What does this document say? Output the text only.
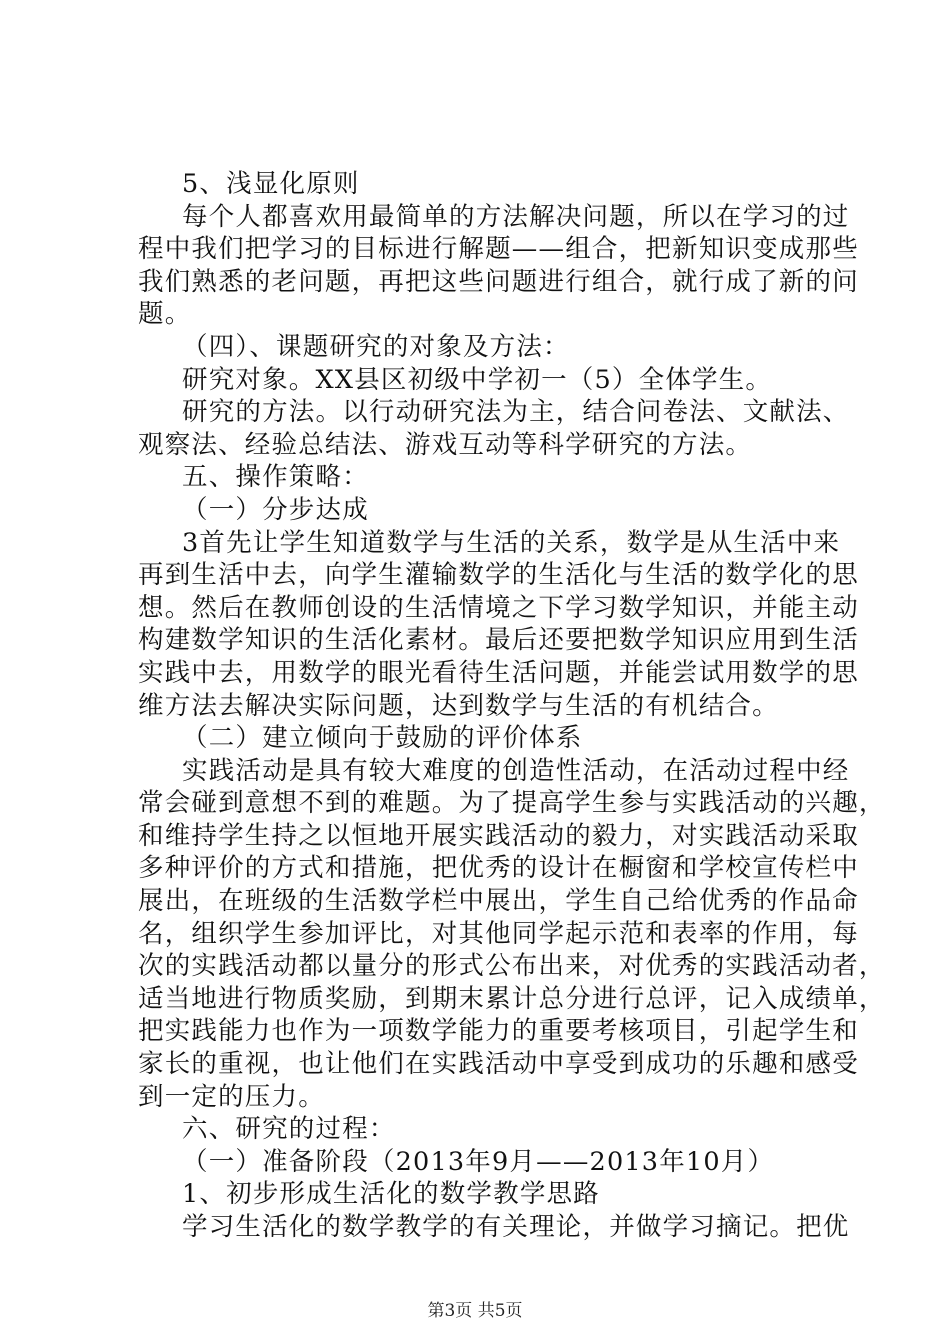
5、浅显化原则
每个人都喜欢用最简单的方法解决问题，所以在学习的过
程中我们把学习的目标进行解题——组合，把新知识变成那些
我们熟悉的老问题，再把这些问题进行组合，就行成了新的问
题。
（四）、课题研究的对象及方法：
研究对象。XX县区初级中学初一（5）全体学生。
研究的方法。以行动研究法为主，结合问卷法、文献法、
观察法、经验总结法、游戏互动等科学研究的方法。
五、操作策略：
（一）分步达成
3首先让学生知道数学与生活的关系，数学是从生活中来
再到生活中去，向学生灌输数学的生活化与生活的数学化的思
想。然后在教师创设的生活情境之下学习数学知识，并能主动
构建数学知识的生活化素材。最后还要把数学知识应用到生活
实践中去，用数学的眼光看待生活问题，并能尝试用数学的思
维方法去解决实际问题，达到数学与生活的有机结合。
（二）建立倾向于鼓励的评价体系
实践活动是具有较大难度的创造性活动，在活动过程中经
常会碰到意想不到的难题。为了提高学生参与实践活动的兴趣，
和维持学生持之以恒地开展实践活动的毅力，对实践活动采取
多种评价的方式和措施，把优秀的设计在橱窗和学校宣传栏中
展出，在班级的生活数学栏中展出，学生自己给优秀的作品命
名，组织学生参加评比，对其他同学起示范和表率的作用，每
次的实践活动都以量分的形式公布出来，对优秀的实践活动者，
适当地进行物质奖励，到期末累计总分进行总评，记入成绩单，
把实践能力也作为一项数学能力的重要考核项目，引起学生和
家长的重视，也让他们在实践活动中享受到成功的乐趣和感受
到一定的压力。
六、研究的过程：
（一）准备阶段（2013年9月——2013年10月）
1、初步形成生活化的数学教学思路
学习生活化的数学教学的有关理论，并做学习摘记。把优
第3页 共5页
